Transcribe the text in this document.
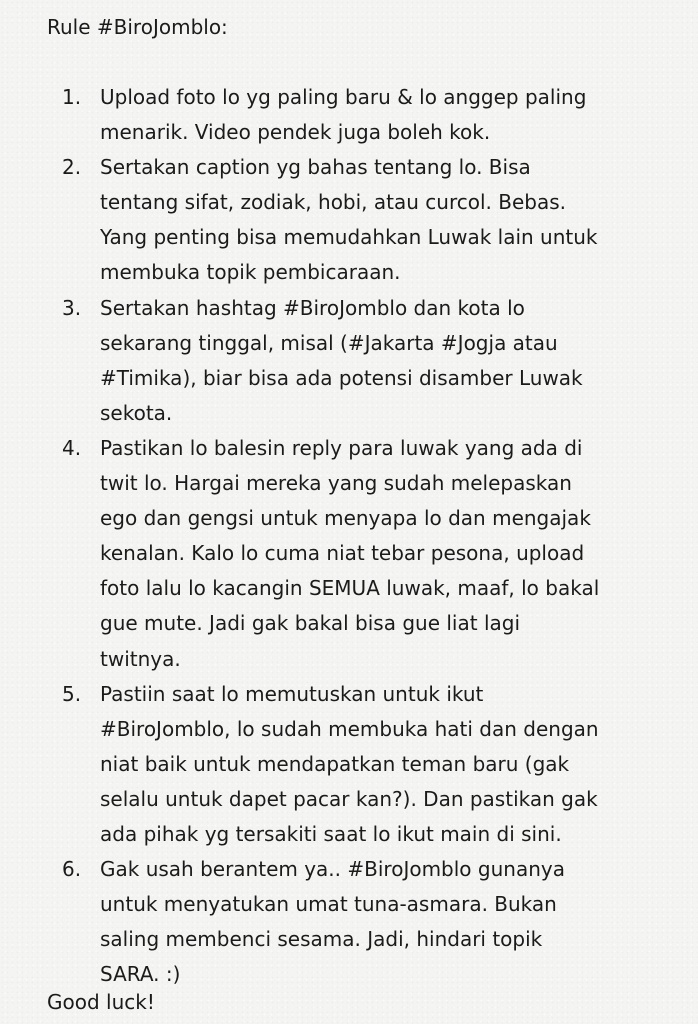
Rule #BiroJomblo:
1. Upload foto lo yg paling baru & lo anggep paling
menarik. Video pendek juga boleh kok.
2. Sertakan caption yg bahas tentang lo. Bisa
tentang sifat, zodiak, hobi, atau curcol. Bebas.
Yang penting bisa memudahkan Luwak lain untuk
membuka topik pembicaraan.
3. Sertakan hashtag #BiroJomblo dan kota lo
sekarang tinggal, misal (#Jakarta #Jogja atau
#Timika), biar bisa ada potensi disamber Luwak
sekota.
4. Pastikan lo balesin reply para luwak yang ada di
twit lo. Hargai mereka yang sudah melepaskan
ego dan gengsi untuk menyapa lo dan mengajak
kenalan. Kalo lo cuma niat tebar pesona, upload
foto lalu lo kacangin SEMUA luwak, maaf, lo bakal
gue mute. Jadi gak bakal bisa gue liat lagi
twitnya.
5. Pastiin saat lo memutuskan untuk ikut
#BiroJomblo, lo sudah membuka hati dan dengan
niat baik untuk mendapatkan teman baru (gak
selalu untuk dapet pacar kan?). Dan pastikan gak
ada pihak yg tersakiti saat lo ikut main di sini.
6. Gak usah berantem ya.. #BiroJomblo gunanya
untuk menyatukan umat tuna-asmara. Bukan
saling membenci sesama. Jadi, hindari topik
SARA. :)
Good luck!
